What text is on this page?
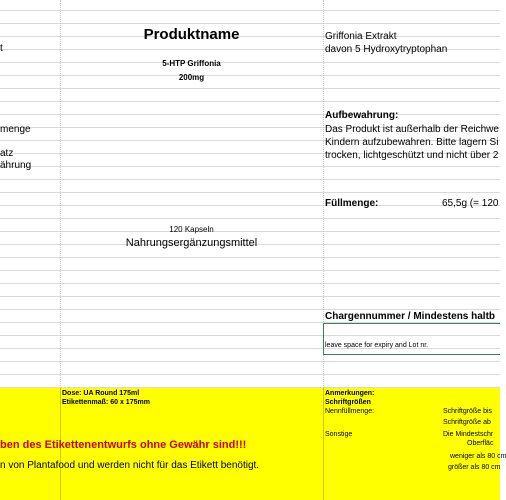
t
menge
atz
ährung
Produktname
5-HTP Griffonia
200mg
120 Kapseln
Nahrungsergänzungsmittel
Griffonia Extrakt
davon 5 Hydroxytryptophan
Aufbewahrung:
Das Produkt ist außerhalb der Reichwe
Kindern aufzubewahren. Bitte lagern Si
trocken, lichtgeschützt und nicht über 2
Füllmenge:	65,5g (= 120
Chargennummer / Mindestens haltb
leave space for expiry and Lot nr.
Dose: UA Round 175ml
Etikettenmaß: 60 x 175mm
Anmerkungen:
Schriftgrößen
Nennfüllmenge:
Sonstige
Schriftgröße bis
Schriftgröße ab
Die Mindestschr
Oberfläc
weniger als 80 cm
größer als 80 cm
ben des Etikettenentwurfs ohne Gewähr sind!!!
n von Plantafood und werden nicht für das Etikett benötigt.
